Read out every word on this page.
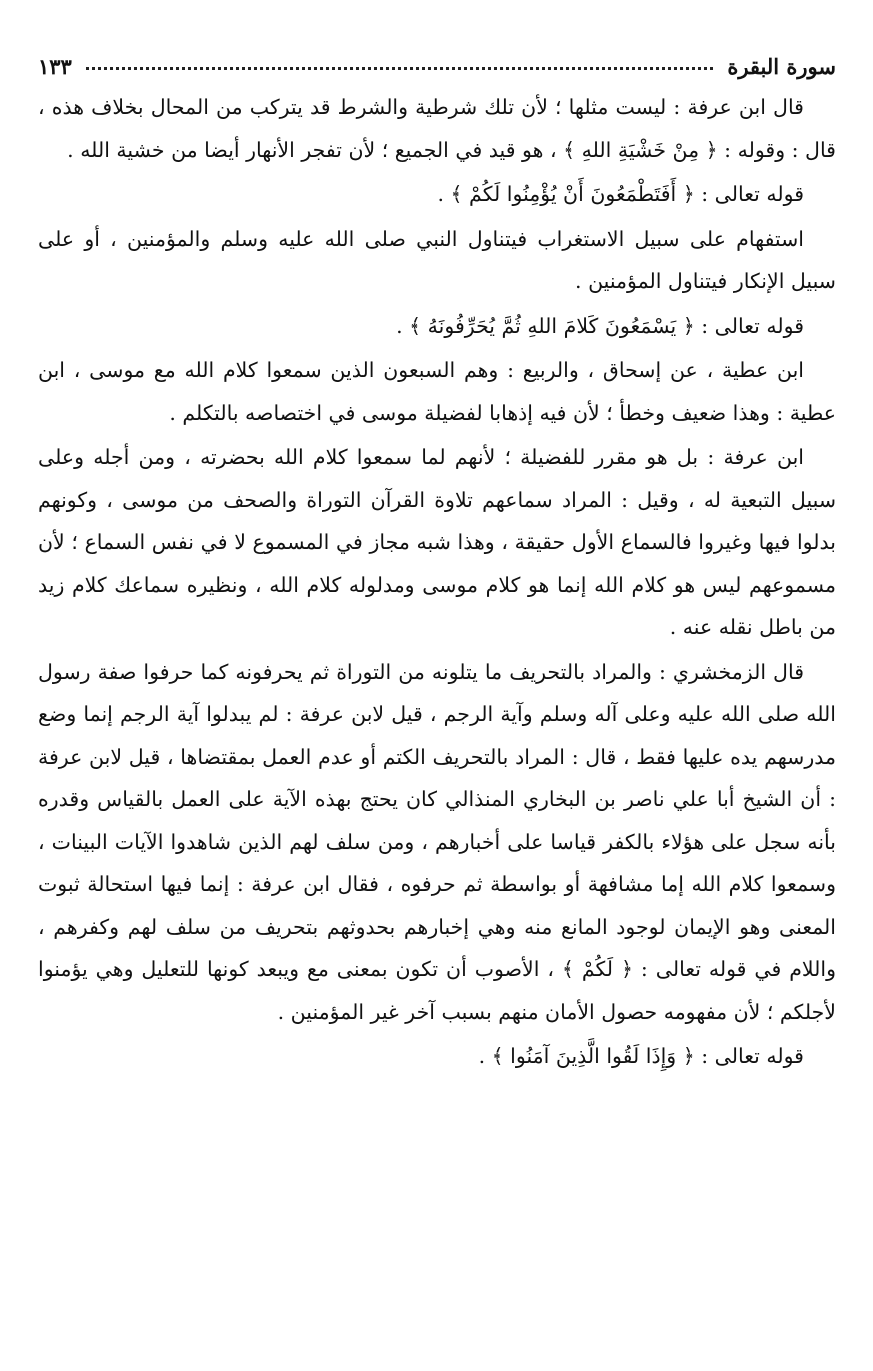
سورة البقرة
١٣٣

قال ابن عرفة : ليست مثلها ؛ لأن تلك شرطية والشرط قد يتركب من المحال بخلاف هذه ، قال : وقوله : ﴿ مِنْ خَشْيَةِ اللهِ ﴾ ، هو قيد في الجميع ؛ لأن تفجر الأنهار أيضا من خشية الله .

قوله تعالى : ﴿ أَفَتَطْمَعُونَ أَنْ يُؤْمِنُوا لَكُمْ ﴾ .

استفهام على سبيل الاستغراب فيتناول النبي صلى الله عليه وسلم والمؤمنين ، أو على سبيل الإنكار فيتناول المؤمنين .

قوله تعالى : ﴿ يَسْمَعُونَ كَلامَ اللهِ ثُمَّ يُحَرِّفُونَهُ ﴾ .

ابن عطية ، عن إسحاق ، والربيع : وهم السبعون الذين سمعوا كلام الله مع موسى ، ابن عطية : وهذا ضعيف وخطأ ؛ لأن فيه إذهابا لفضيلة موسى في اختصاصه بالتكلم .

ابن عرفة : بل هو مقرر للفضيلة ؛ لأنهم لما سمعوا كلام الله بحضرته ، ومن أجله وعلى سبيل التبعية له ، وقيل : المراد سماعهم تلاوة القرآن التوراة والصحف من موسى ، وكونهم بدلوا فيها وغيروا فالسماع الأول حقيقة ، وهذا شبه مجاز في المسموع لا في نفس السماع ؛ لأن مسموعهم ليس هو كلام الله إنما هو كلام موسى ومدلوله كلام الله ، ونظيره سماعك كلام زيد من باطل نقله عنه .

قال الزمخشري : والمراد بالتحريف ما يتلونه من التوراة ثم يحرفونه كما حرفوا صفة رسول الله صلى الله عليه وعلى آله وسلم وآية الرجم ، قيل لابن عرفة : لم يبدلوا آية الرجم إنما وضع مدرسهم يده عليها فقط ، قال : المراد بالتحريف الكتم أو عدم العمل بمقتضاها ، قيل لابن عرفة : أن الشيخ أبا علي ناصر بن البخاري المنذالي كان يحتج بهذه الآية على العمل بالقياس وقدره بأنه سجل على هؤلاء بالكفر قياسا على أخبارهم ، ومن سلف لهم الذين شاهدوا الآيات البينات ، وسمعوا كلام الله إما مشافهة أو بواسطة ثم حرفوه ، فقال ابن عرفة : إنما فيها استحالة ثبوت المعنى وهو الإيمان لوجود المانع منه وهي إخبارهم بحدوثهم بتحريف من سلف لهم وكفرهم ، واللام في قوله تعالى : ﴿ لَكُمْ ﴾ ، الأصوب أن تكون بمعنى مع ويبعد كونها للتعليل وهي يؤمنوا لأجلكم ؛ لأن مفهومه حصول الأمان منهم بسبب آخر غير المؤمنين .

قوله تعالى : ﴿ وَإِذَا لَقُوا الَّذِينَ آمَنُوا ﴾ .
